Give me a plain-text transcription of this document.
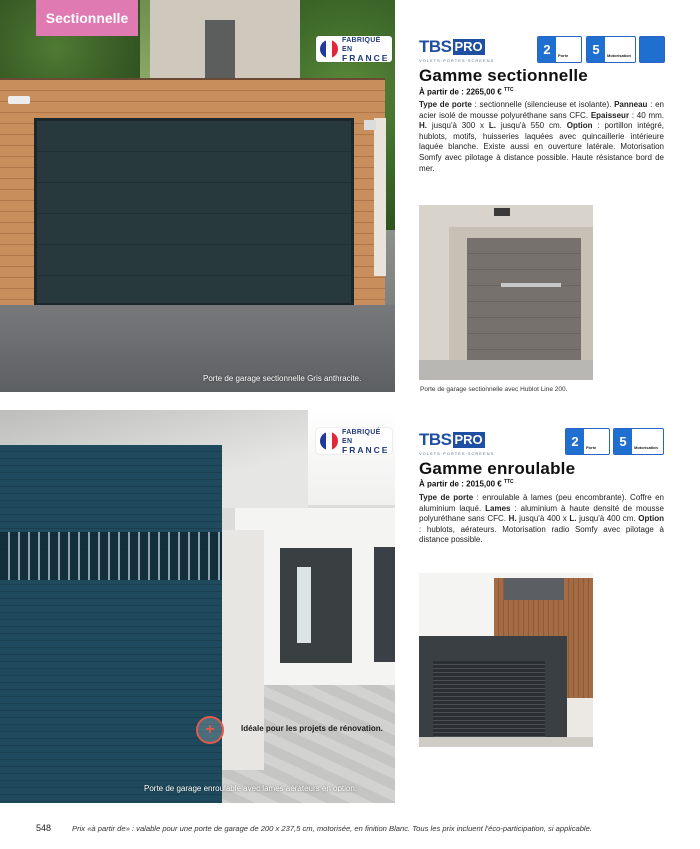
Sectionnelle
FABRIQUÉ EN
FRANCE
Porte de garage sectionnelle Gris anthracite.
TBS PRO
VOLETS·PORTES·SCREENS
2	Porte	5	Motorisation
Gamme sectionnelle
À partir de : 2265,00 € $^{TTC}$
Type de porte : sectionnelle (silencieuse et isolante). Panneau : en acier isolé de mousse polyuréthane sans CFC. Epaisseur : 40 mm. H. jusqu'à 300 x L. jusqu'à 550 cm. Option : portillon intégré, hublots, motifs, huisseries laquées avec quincaillerie intérieure laquée blanche. Existe aussi en ouverture latérale. Motorisation Somfy avec pilotage à distance possible. Haute résistance bord de mer.
Porte de garage sectionnelle avec Hublot Line 200.
FABRIQUÉ EN
FRANCE
+	Idéale pour les projets de rénovation.
Porte de garage enroulable avec lames aérateurs en option.
TBS PRO
VOLETS·PORTES·SCREENS
2	Porte	5	Motorisation
Gamme enroulable
À partir de : 2015,00 € $^{TTC}$
Type de porte : enroulable à lames (peu encombrante). Coffre en aluminium laqué. Lames : aluminium à haute densité de mousse polyuréthane sans CFC. H. jusqu'à 400 x L. jusqu'à 400 cm. Option : hublots, aérateurs. Motorisation radio Somfy avec pilotage à distance possible.
548	Prix «à partir de» : valable pour une porte de garage de 200 x 237,5 cm, motorisée, en finition Blanc. Tous les prix incluent l'éco-participation, si applicable.
